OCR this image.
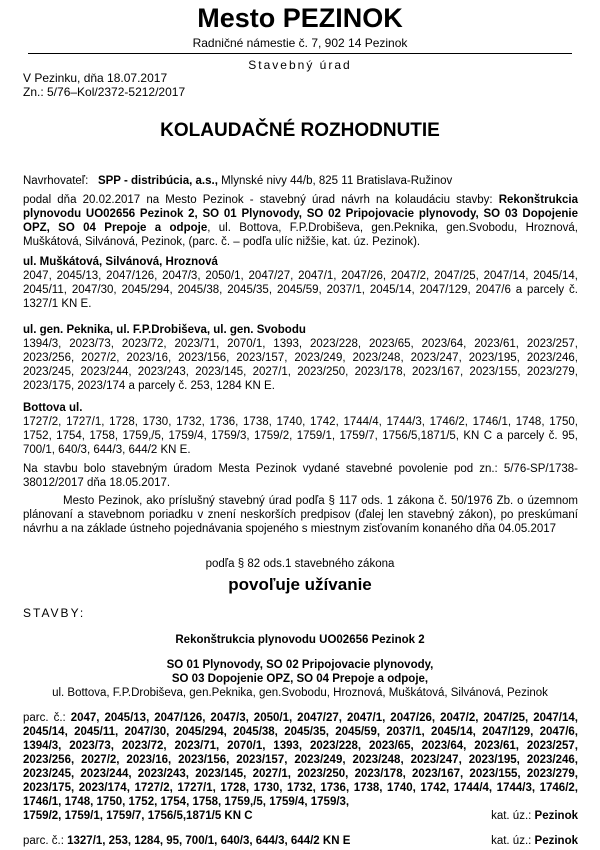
Mesto PEZINOK
Radničné námestie č. 7, 902 14 Pezinok
Stavebný úrad
V Pezinku, dňa 18.07.2017
Zn.: 5/76–Kol/2372-5212/2017
KOLAUDAČNÉ ROZHODNUTIE
Navrhovateľ: SPP - distribúcia, a.s., Mlynské nivy 44/b, 825 11 Bratislava-Ružinov
podal dňa 20.02.2017 na Mesto Pezinok - stavebný úrad návrh na kolaudáciu stavby: Rekonštrukcia plynovodu UO02656 Pezinok 2, SO 01 Plynovody, SO 02 Pripojovacie plynovody, SO 03 Dopojenie OPZ, SO 04 Prepoje a odpoje, ul. Bottova, F.P.Drobiševa, gen.Peknika, gen.Svobodu, Hroznová, Muškátová, Silvánová, Pezinok, (parc. č. – podľa ulíc nižšie, kat. úz. Pezinok).
ul. Muškátová, Silvánová, Hroznová
2047, 2045/13, 2047/126, 2047/3, 2050/1, 2047/27, 2047/1, 2047/26, 2047/2, 2047/25, 2047/14, 2045/14, 2045/11, 2047/30, 2045/294, 2045/38, 2045/35, 2045/59, 2037/1, 2045/14, 2047/129, 2047/6 a parcely č. 1327/1 KN E.
ul. gen. Peknika, ul. F.P.Drobiševa, ul. gen. Svobodu
1394/3, 2023/73, 2023/72, 2023/71, 2070/1, 1393, 2023/228, 2023/65, 2023/64, 2023/61, 2023/257, 2023/256, 2027/2, 2023/16, 2023/156, 2023/157, 2023/249, 2023/248, 2023/247, 2023/195, 2023/246, 2023/245, 2023/244, 2023/243, 2023/145, 2027/1, 2023/250, 2023/178, 2023/167, 2023/155, 2023/279, 2023/175, 2023/174 a parcely č. 253, 1284 KN E.
Bottova ul.
1727/2, 1727/1, 1728, 1730, 1732, 1736, 1738, 1740, 1742, 1744/4, 1744/3, 1746/2, 1746/1, 1748, 1750, 1752, 1754, 1758, 1759,/5, 1759/4, 1759/3, 1759/2, 1759/1, 1759/7, 1756/5,1871/5, KN C a parcely č. 95, 700/1, 640/3, 644/3, 644/2 KN E.
Na stavbu bolo stavebným úradom Mesta Pezinok vydané stavebné povolenie pod zn.: 5/76-SP/1738-38012/2017 dňa 18.05.2017.
Mesto Pezinok, ako príslušný stavebný úrad podľa § 117 ods. 1 zákona č. 50/1976 Zb. o územnom plánovaní a stavebnom poriadku v znení neskorších predpisov (ďalej len stavebný zákon), po preskúmaní návrhu a na základe ústneho pojednávania spojeného s miestnym zisťovaním konaného dňa 04.05.2017
podľa § 82 ods.1 stavebného zákona
povoľuje užívanie
STAVBY:
Rekonštrukcia plynovodu UO02656 Pezinok 2
SO 01 Plynovody, SO 02 Pripojovacie plynovody,
SO 03 Dopojenie OPZ, SO 04 Prepoje a odpoje,
ul. Bottova, F.P.Drobiševa, gen.Peknika, gen.Svobodu, Hroznová, Muškátová, Silvánová, Pezinok
parc. č.: 2047, 2045/13, 2047/126, 2047/3, 2050/1, 2047/27, 2047/1, 2047/26, 2047/2, 2047/25, 2047/14, 2045/14, 2045/11, 2047/30, 2045/294, 2045/38, 2045/35, 2045/59, 2037/1, 2045/14, 2047/129, 2047/6, 1394/3, 2023/73, 2023/72, 2023/71, 2070/1, 1393, 2023/228, 2023/65, 2023/64, 2023/61, 2023/257, 2023/256, 2027/2, 2023/16, 2023/156, 2023/157, 2023/249, 2023/248, 2023/247, 2023/195, 2023/246, 2023/245, 2023/244, 2023/243, 2023/145, 2027/1, 2023/250, 2023/178, 2023/167, 2023/155, 2023/279, 2023/175, 2023/174, 1727/2, 1727/1, 1728, 1730, 1732, 1736, 1738, 1740, 1742, 1744/4, 1744/3, 1746/2, 1746/1, 1748, 1750, 1752, 1754, 1758, 1759,/5, 1759/4, 1759/3,
1759/2, 1759/1, 1759/7, 1756/5,1871/5 KN C	kat. úz.: Pezinok
parc. č.: 1327/1, 253, 1284, 95, 700/1, 640/3, 644/3, 644/2 KN E	kat. úz.: Pezinok
